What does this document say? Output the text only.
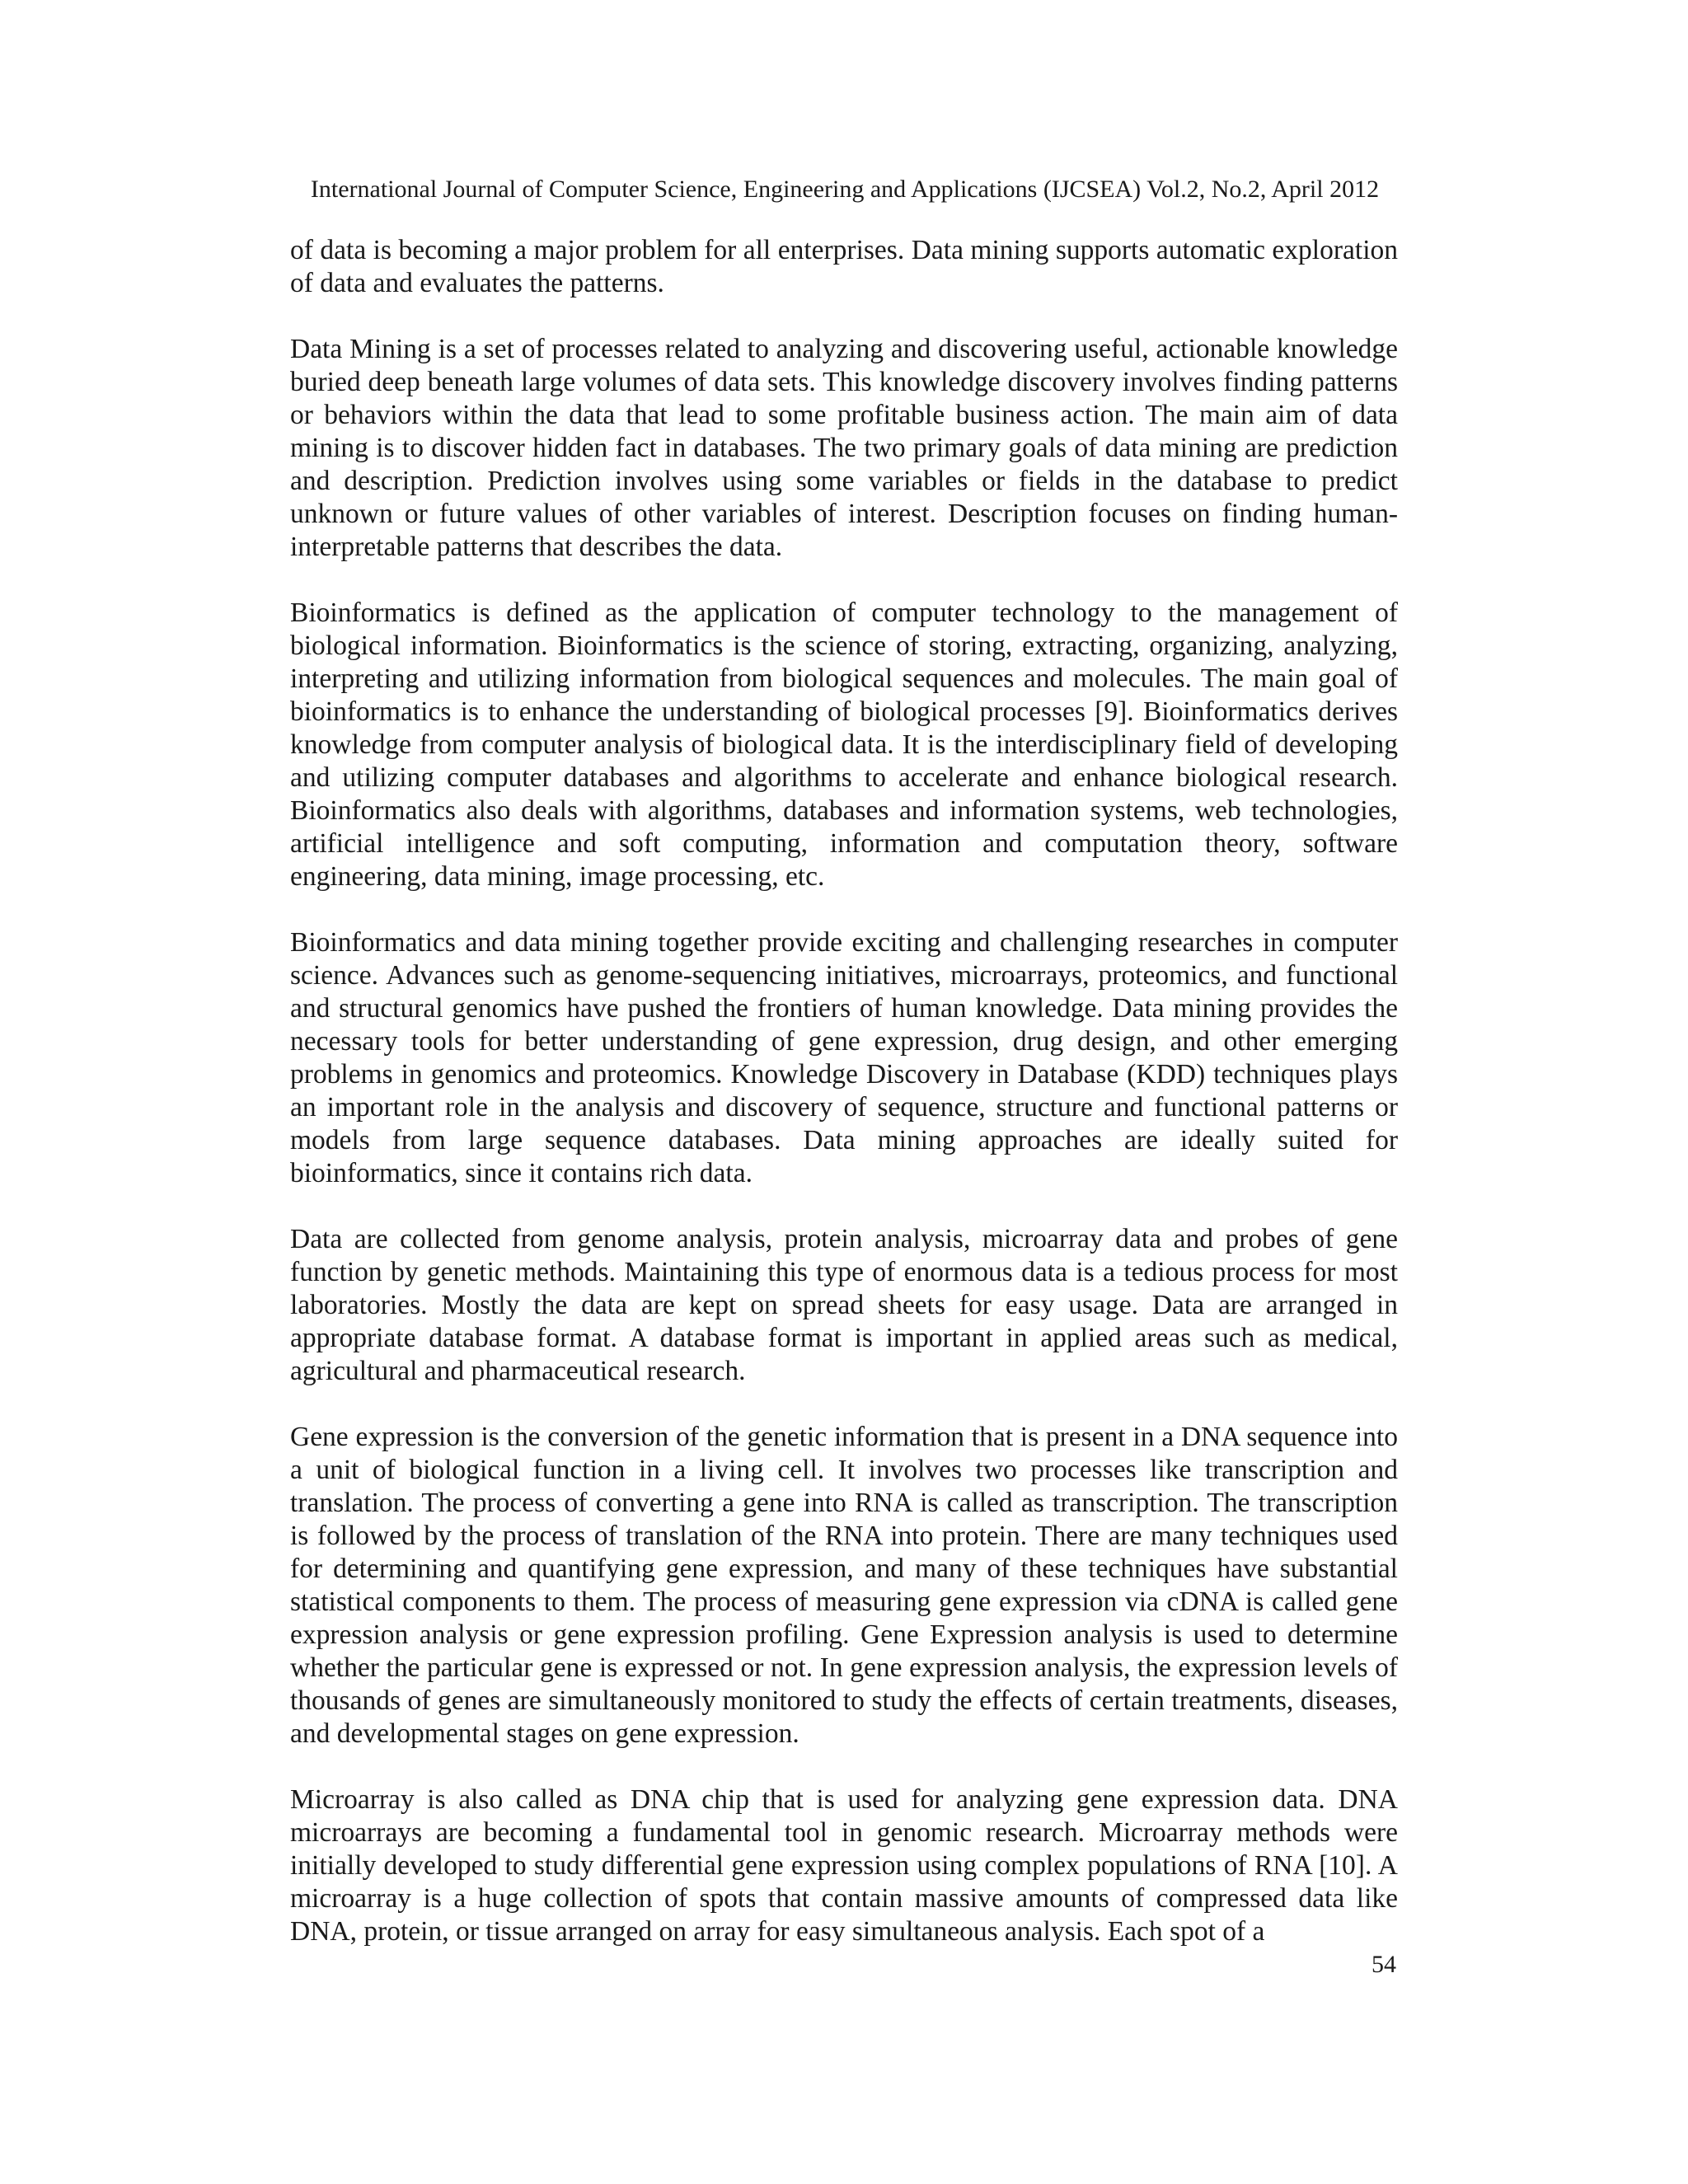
International Journal of Computer Science, Engineering and Applications (IJCSEA) Vol.2, No.2, April 2012

of data is becoming a major problem for all enterprises. Data mining supports automatic exploration of data and evaluates the patterns.

Data Mining is a set of processes related to analyzing and discovering useful, actionable knowledge buried deep beneath large volumes of data sets. This knowledge discovery involves finding patterns or behaviors within the data that lead to some profitable business action. The main aim of data mining is to discover hidden fact in databases. The two primary goals of data mining are prediction and description. Prediction involves using some variables or fields in the database to predict unknown or future values of other variables of interest. Description focuses on finding human-interpretable patterns that describes the data.

Bioinformatics is defined as the application of computer technology to the management of biological information. Bioinformatics is the science of storing, extracting, organizing, analyzing, interpreting and utilizing information from biological sequences and molecules. The main goal of bioinformatics is to enhance the understanding of biological processes [9]. Bioinformatics derives knowledge from computer analysis of biological data. It is the interdisciplinary field of developing and utilizing computer databases and algorithms to accelerate and enhance biological research. Bioinformatics also deals with algorithms, databases and information systems, web technologies, artificial intelligence and soft computing, information and computation theory, software engineering, data mining, image processing, etc.

Bioinformatics and data mining together provide exciting and challenging researches in computer science. Advances such as genome-sequencing initiatives, microarrays, proteomics, and functional and structural genomics have pushed the frontiers of human knowledge. Data mining provides the necessary tools for better understanding of gene expression, drug design, and other emerging problems in genomics and proteomics. Knowledge Discovery in Database (KDD) techniques plays an important role in the analysis and discovery of sequence, structure and functional patterns or models from large sequence databases. Data mining approaches are ideally suited for bioinformatics, since it contains rich data.

Data are collected from genome analysis, protein analysis, microarray data and probes of gene function by genetic methods. Maintaining this type of enormous data is a tedious process for most laboratories. Mostly the data are kept on spread sheets for easy usage. Data are arranged in appropriate database format. A database format is important in applied areas such as medical, agricultural and pharmaceutical research.

Gene expression is the conversion of the genetic information that is present in a DNA sequence into a unit of biological function in a living cell. It involves two processes like transcription and translation. The process of converting a gene into RNA is called as transcription. The transcription is followed by the process of translation of the RNA into protein. There are many techniques used for determining and quantifying gene expression, and many of these techniques have substantial statistical components to them. The process of measuring gene expression via cDNA is called gene expression analysis or gene expression profiling. Gene Expression analysis is used to determine whether the particular gene is expressed or not. In gene expression analysis, the expression levels of thousands of genes are simultaneously monitored to study the effects of certain treatments, diseases, and developmental stages on gene expression.

Microarray is also called as DNA chip that is used for analyzing gene expression data. DNA microarrays are becoming a fundamental tool in genomic research. Microarray methods were initially developed to study differential gene expression using complex populations of RNA [10]. A microarray is a huge collection of spots that contain massive amounts of compressed data like DNA, protein, or tissue arranged on array for easy simultaneous analysis. Each spot of a

54
